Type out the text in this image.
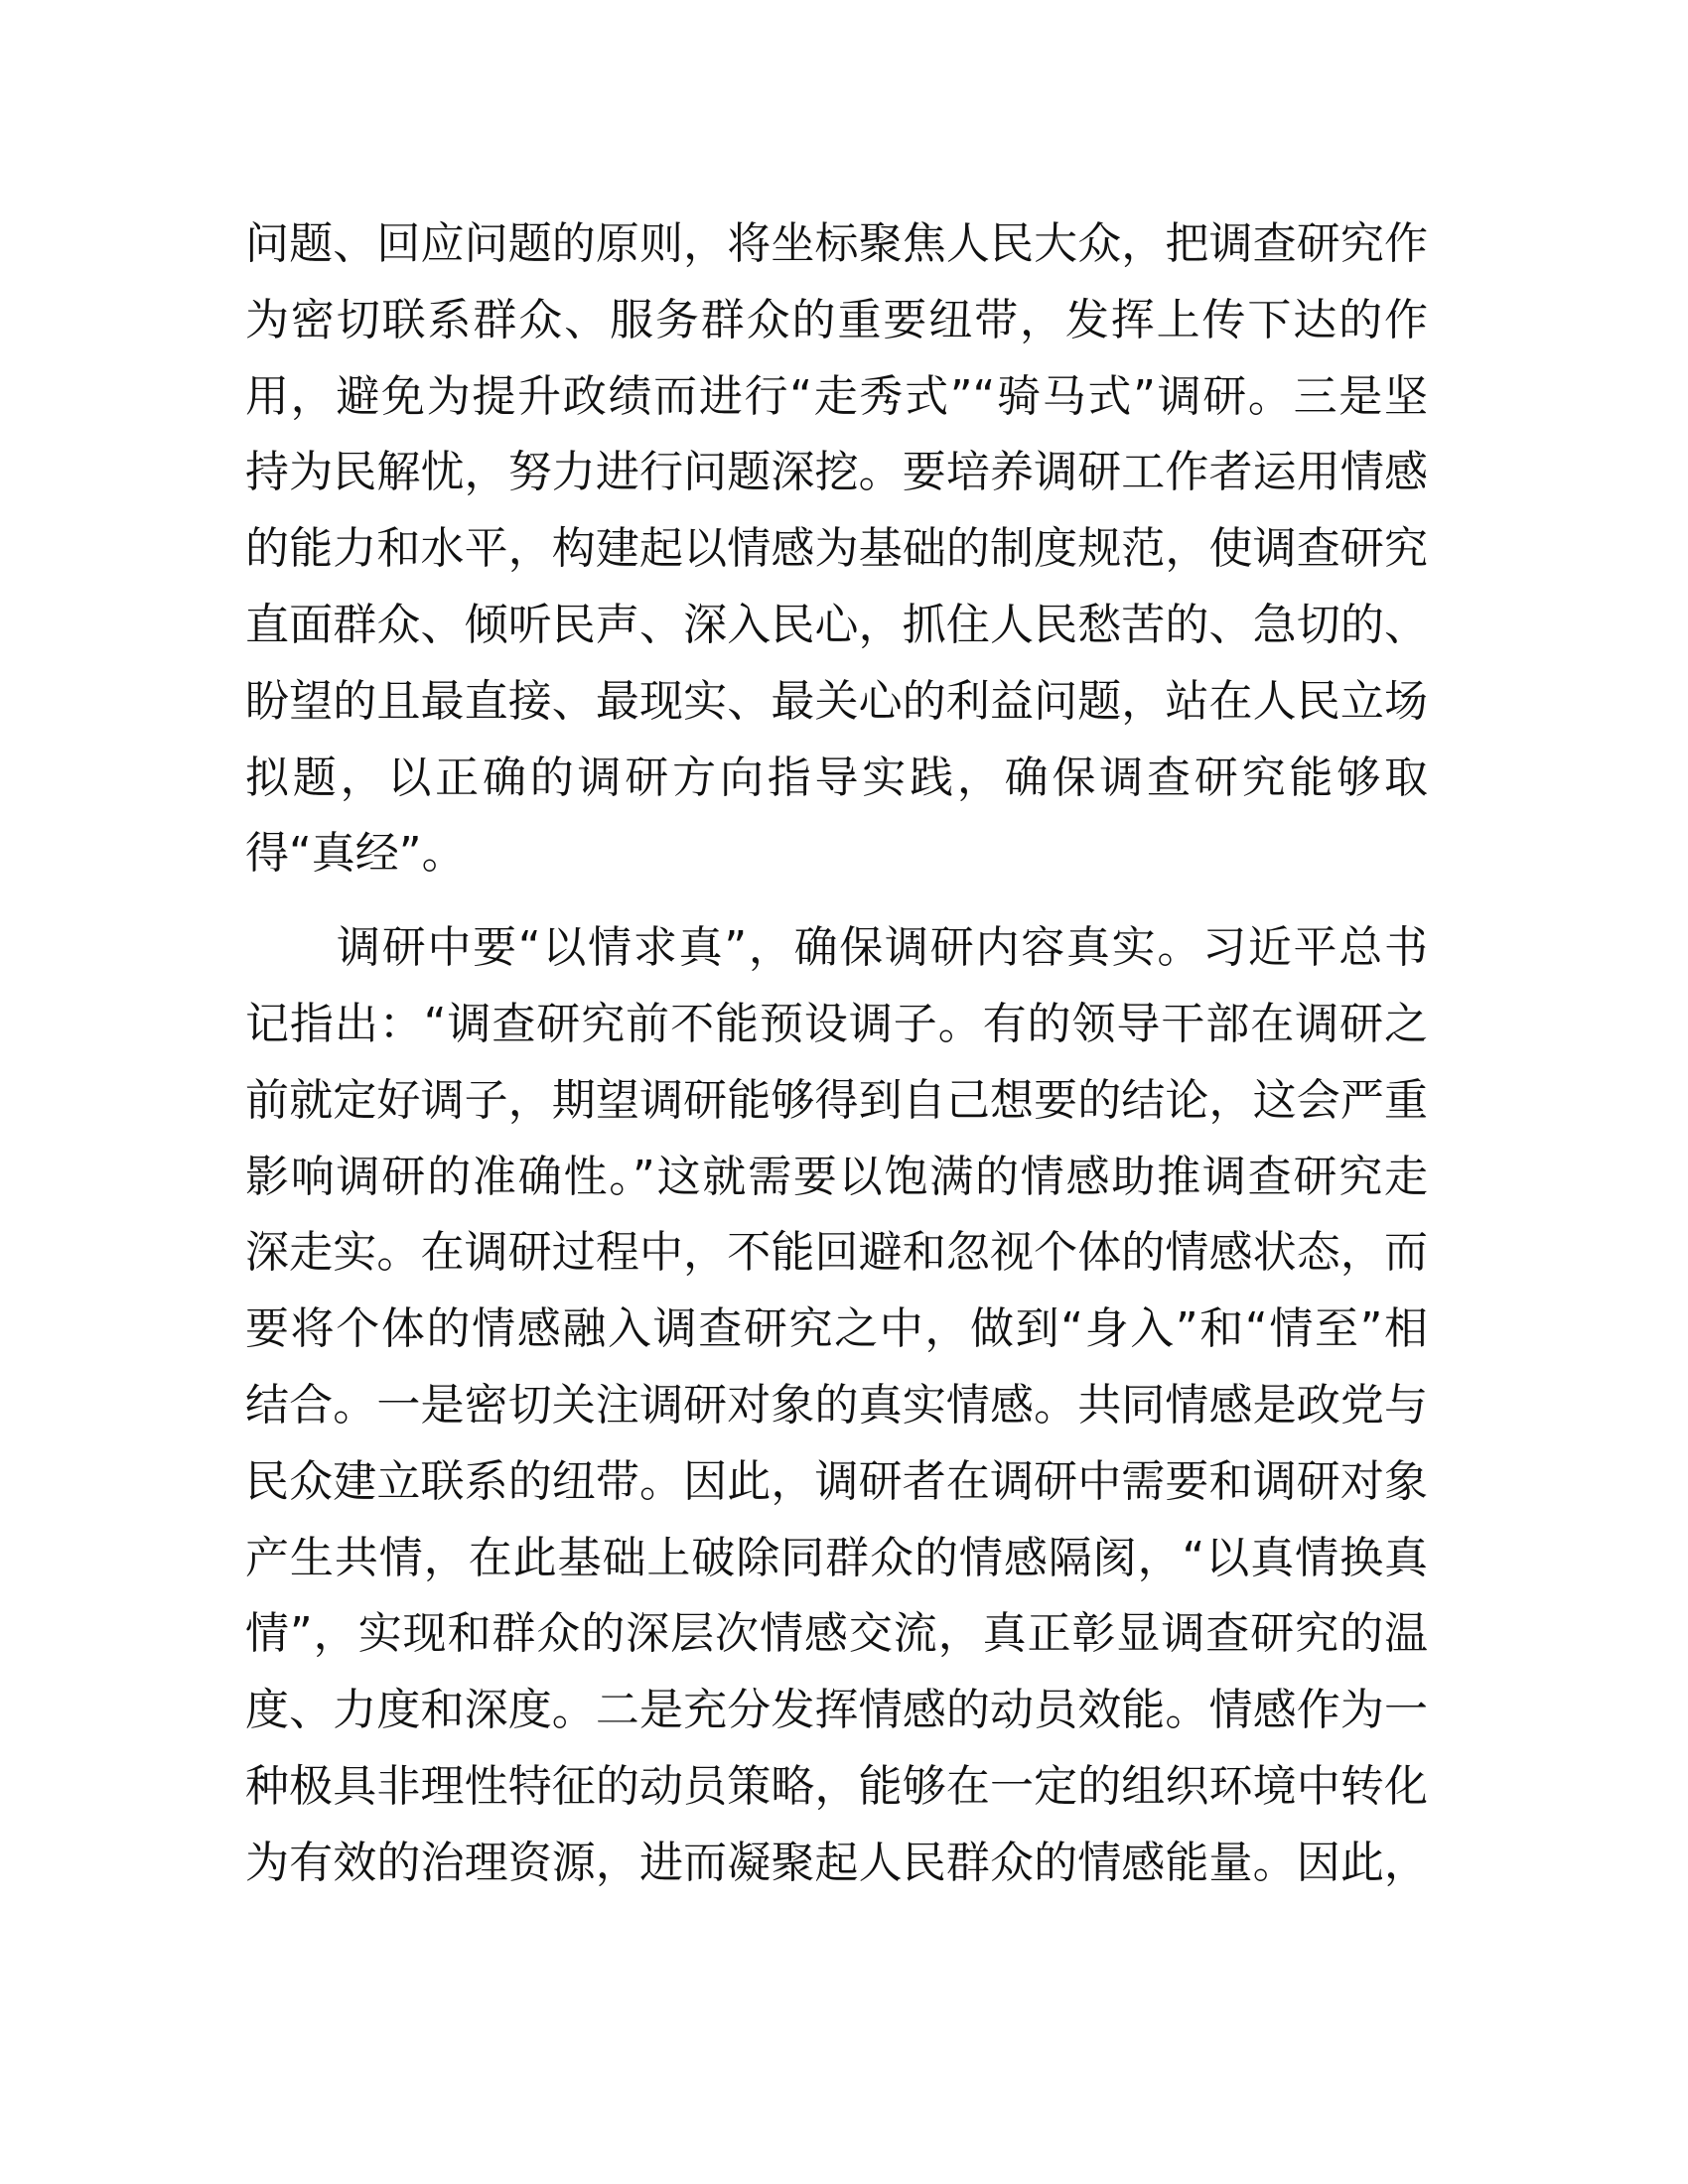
问题、回应问题的原则，将坐标聚焦人民大众，把调查研究作
为密切联系群众、服务群众的重要纽带，发挥上传下达的作
用，避免为提升政绩而进行“走秀式”“骑马式”调研。三是坚
持为民解忧，努力进行问题深挖。要培养调研工作者运用情感
的能力和水平，构建起以情感为基础的制度规范，使调查研究
直面群众、倾听民声、深入民心，抓住人民愁苦的、急切的、
盼望的且最直接、最现实、最关心的利益问题，站在人民立场
拟题，以正确的调研方向指导实践，确保调查研究能够取
得“真经”。
调研中要“以情求真”，确保调研内容真实。习近平总书
记指出：“调查研究前不能预设调子。有的领导干部在调研之
前就定好调子，期望调研能够得到自己想要的结论，这会严重
影响调研的准确性。”这就需要以饱满的情感助推调查研究走
深走实。在调研过程中，不能回避和忽视个体的情感状态，而
要将个体的情感融入调查研究之中，做到“身入”和“情至”相
结合。一是密切关注调研对象的真实情感。共同情感是政党与
民众建立联系的纽带。因此，调研者在调研中需要和调研对象
产生共情，在此基础上破除同群众的情感隔阂，“以真情换真
情”，实现和群众的深层次情感交流，真正彰显调查研究的温
度、力度和深度。二是充分发挥情感的动员效能。情感作为一
种极具非理性特征的动员策略，能够在一定的组织环境中转化
为有效的治理资源，进而凝聚起人民群众的情感能量。因此，
